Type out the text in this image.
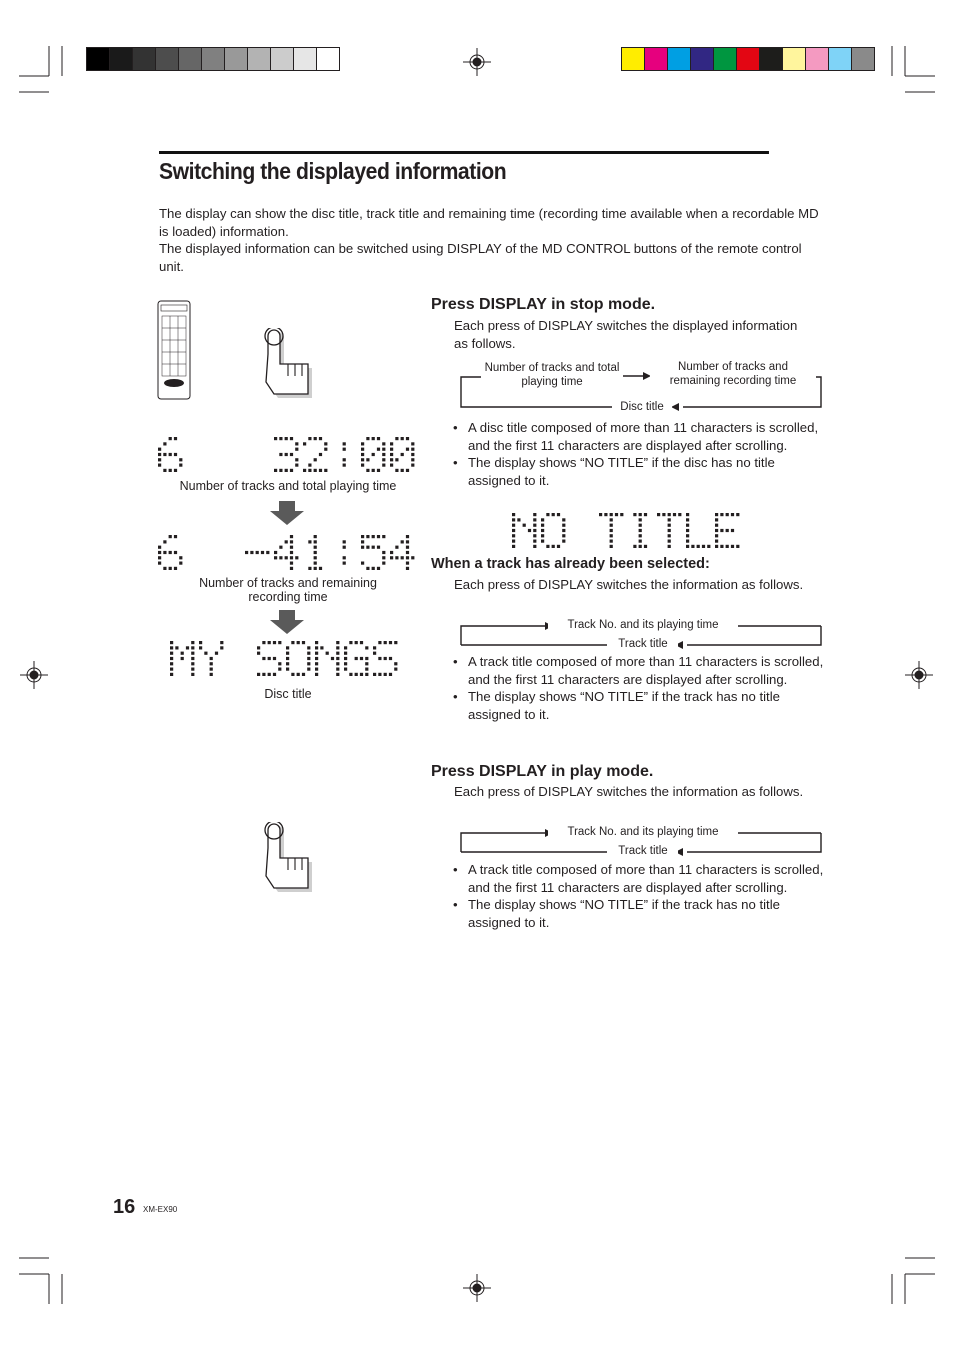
Switching the displayed information

The display can show the disc title, track title and remaining time (recording time available when a recordable MD is loaded) information.

The displayed information can be switched using DISPLAY of the MD CONTROL buttons of the remote control unit.

Number of tracks and total playing time
Number of tracks and remaining recording time
Disc title
Press DISPLAY in stop mode.
Each press of DISPLAY switches the displayed information as follows.
Number of tracks and total playing time
Number of tracks and remaining recording time
Disc title
• A disc title composed of more than 11 characters is scrolled, and the first 11 characters are displayed after scrolling.
• The display shows “NO TITLE” if the disc has no title assigned to it.
When a track has already been selected:
Each press of DISPLAY switches the information as follows.
Track No. and its playing time
Track title
• A track title composed of more than 11 characters is scrolled, and the first 11 characters are displayed after scrolling.
• The display shows “NO TITLE” if the track has no title assigned to it.
Press DISPLAY in play mode.
Each press of DISPLAY switches the information as follows.
Track No. and its playing time
Track title
• A track title composed of more than 11 characters is scrolled, and the first 11 characters are displayed after scrolling.
• The display shows “NO TITLE” if the track has no title assigned to it.
16 XM-EX90
